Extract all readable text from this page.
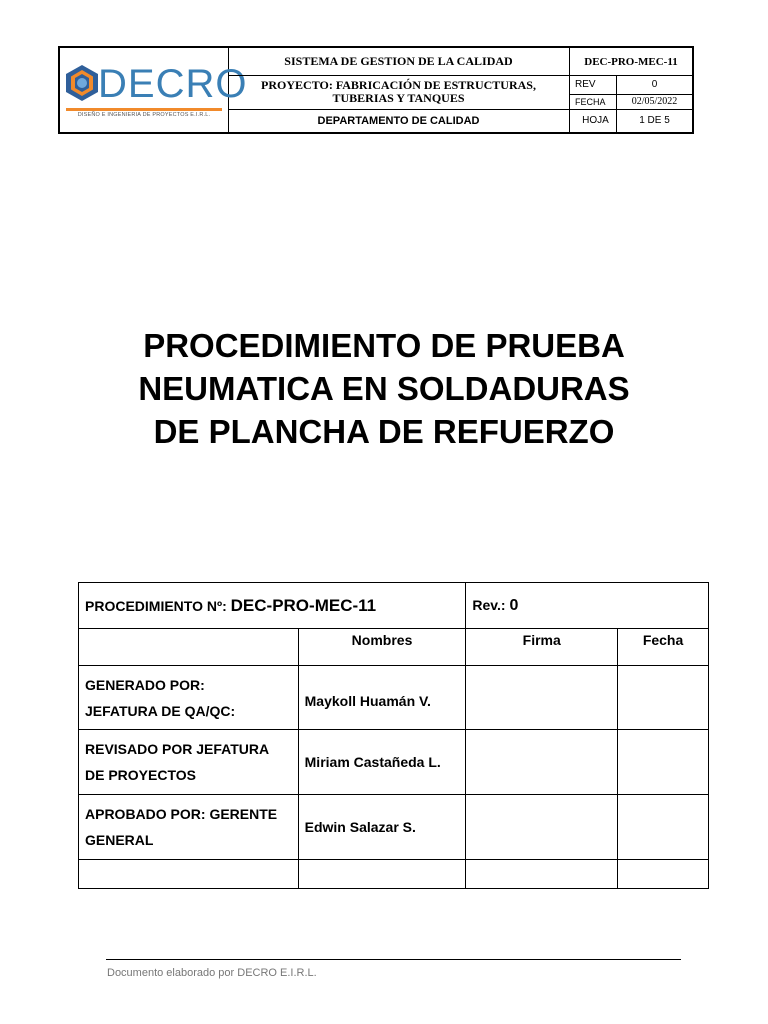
DECRO
DISEÑO E INGENIERIA DE PROYECTOS E.I.R.L.
SISTEMA DE GESTION DE LA CALIDAD	DEC-PRO-MEC-11
PROYECTO: FABRICACIÓN DE ESTRUCTURAS,
TUBERIAS Y TANQUES
REV	0
FECHA	02/05/2022
DEPARTAMENTO DE CALIDAD	HOJA	1 DE 5
PROCEDIMIENTO DE PRUEBA
NEUMATICA EN SOLDADURAS
DE PLANCHA DE REFUERZO
PROCEDIMIENTO Nº: DEC-PRO-MEC-11		Rev.: 0	
	Nombres	Firma	Fecha

GENERADO POR:
JEFATURA DE QA/QC:	Maykoll Huamán V.		

REVISADO POR JEFATURA
DE PROYECTOS	Miriam Castañeda L.		

APROBADO POR: GERENTE
GENERAL	Edwin Salazar S.		

Documento elaborado por DECRO E.I.R.L.
